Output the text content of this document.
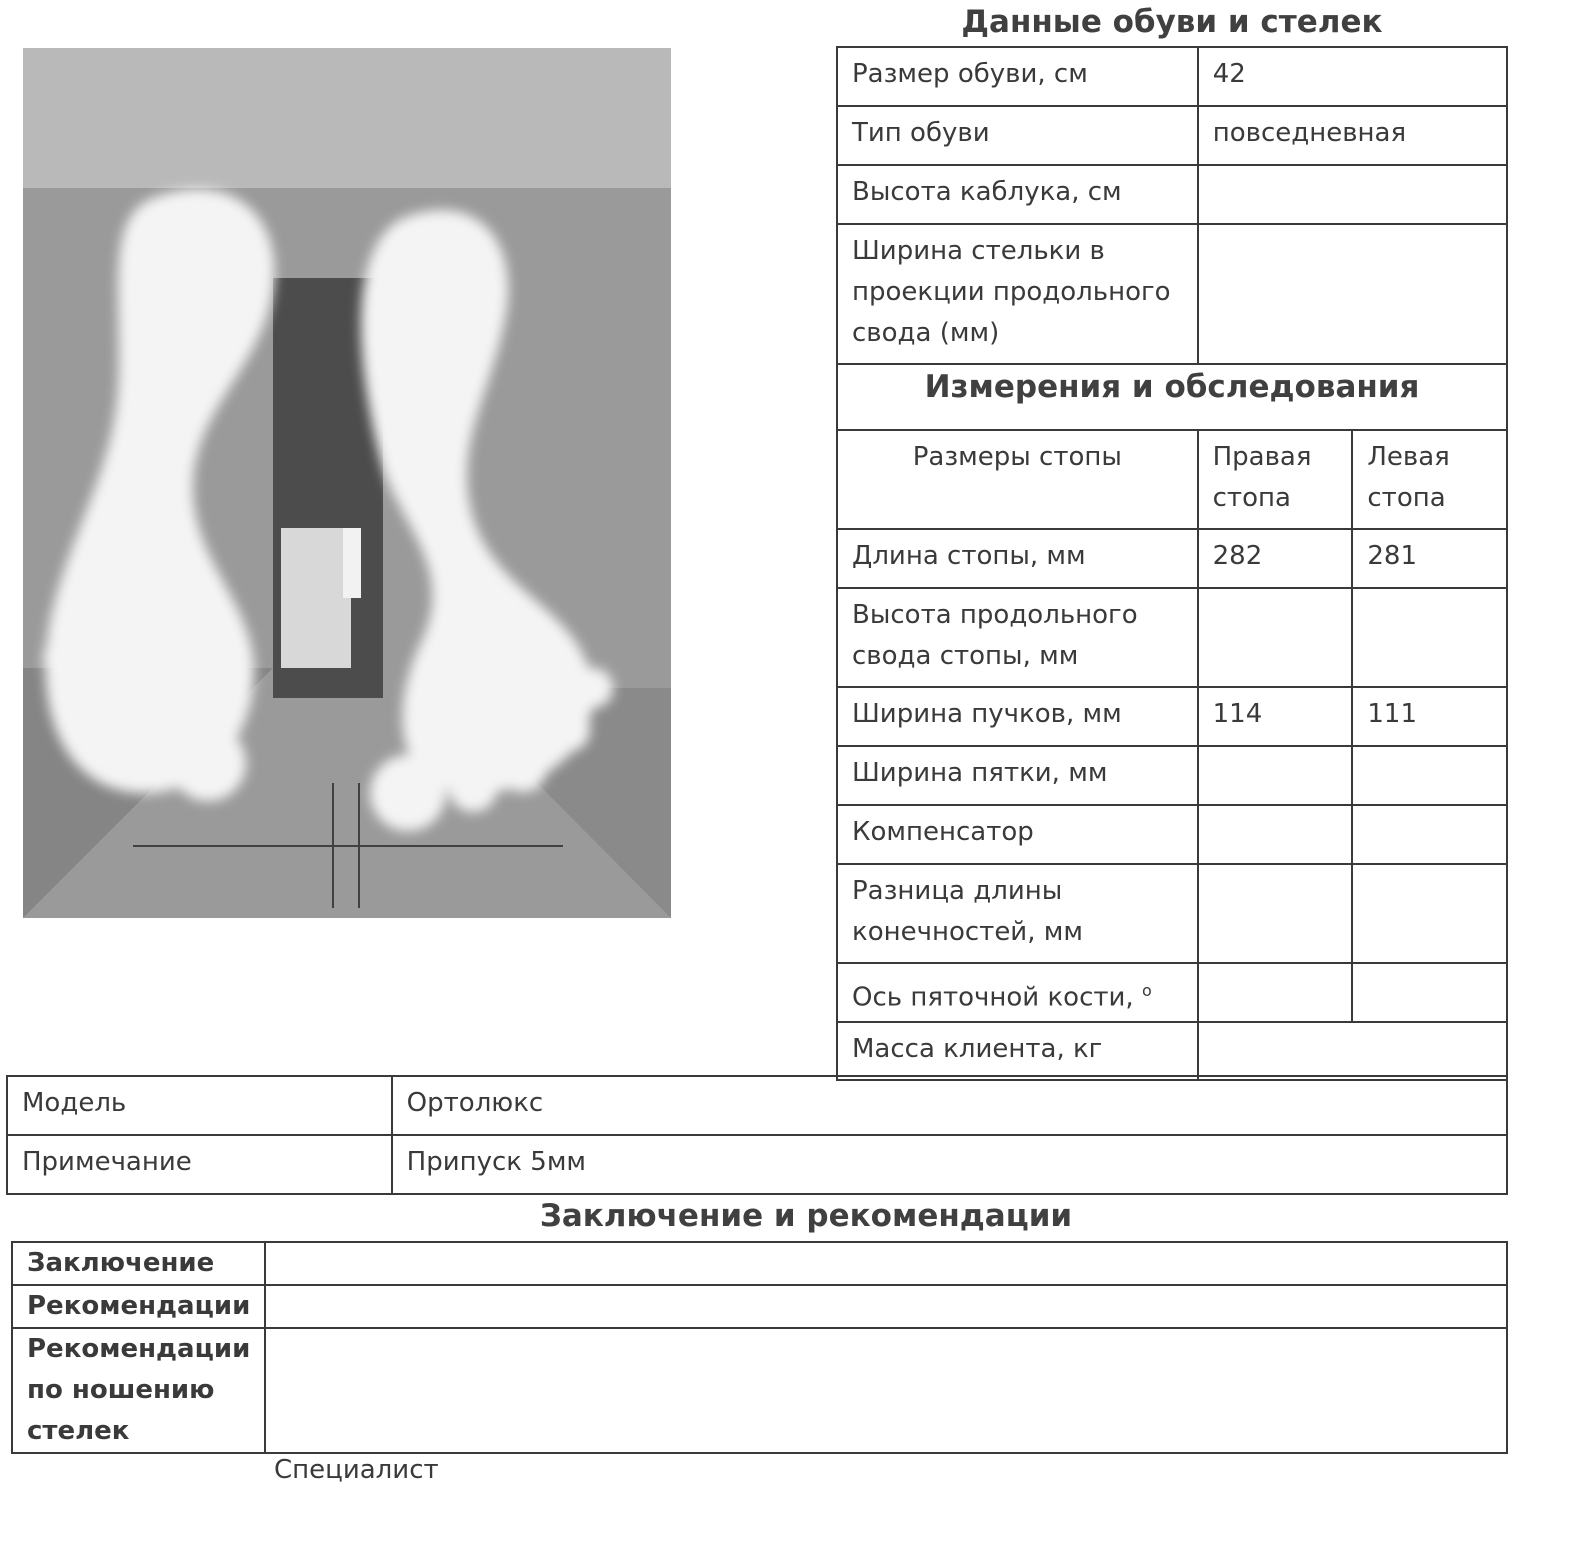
Данные обуви и стелек
Размер обуви, см	42
Тип обуви	повседневная
Высота каблука, см	
Ширина стельки в проекции продольного свода (мм)	
Измерения и обследования
Размеры стопы	Правая стопа	Левая стопа
Длина стопы, мм	282	281
Высота продольного свода стопы, мм		
Ширина пучков, мм	114	111
Ширина пятки, мм		
Компенсатор		
Разница длины конечностей, мм		
Ось пяточной кости, $^о$		
Масса клиента, кг		
Модель	Ортолюкс
Примечание	Припуск 5мм
Заключение и рекомендации
Заключение	
Рекомендации	
Рекомендации по ношению стелек	
Специалист
